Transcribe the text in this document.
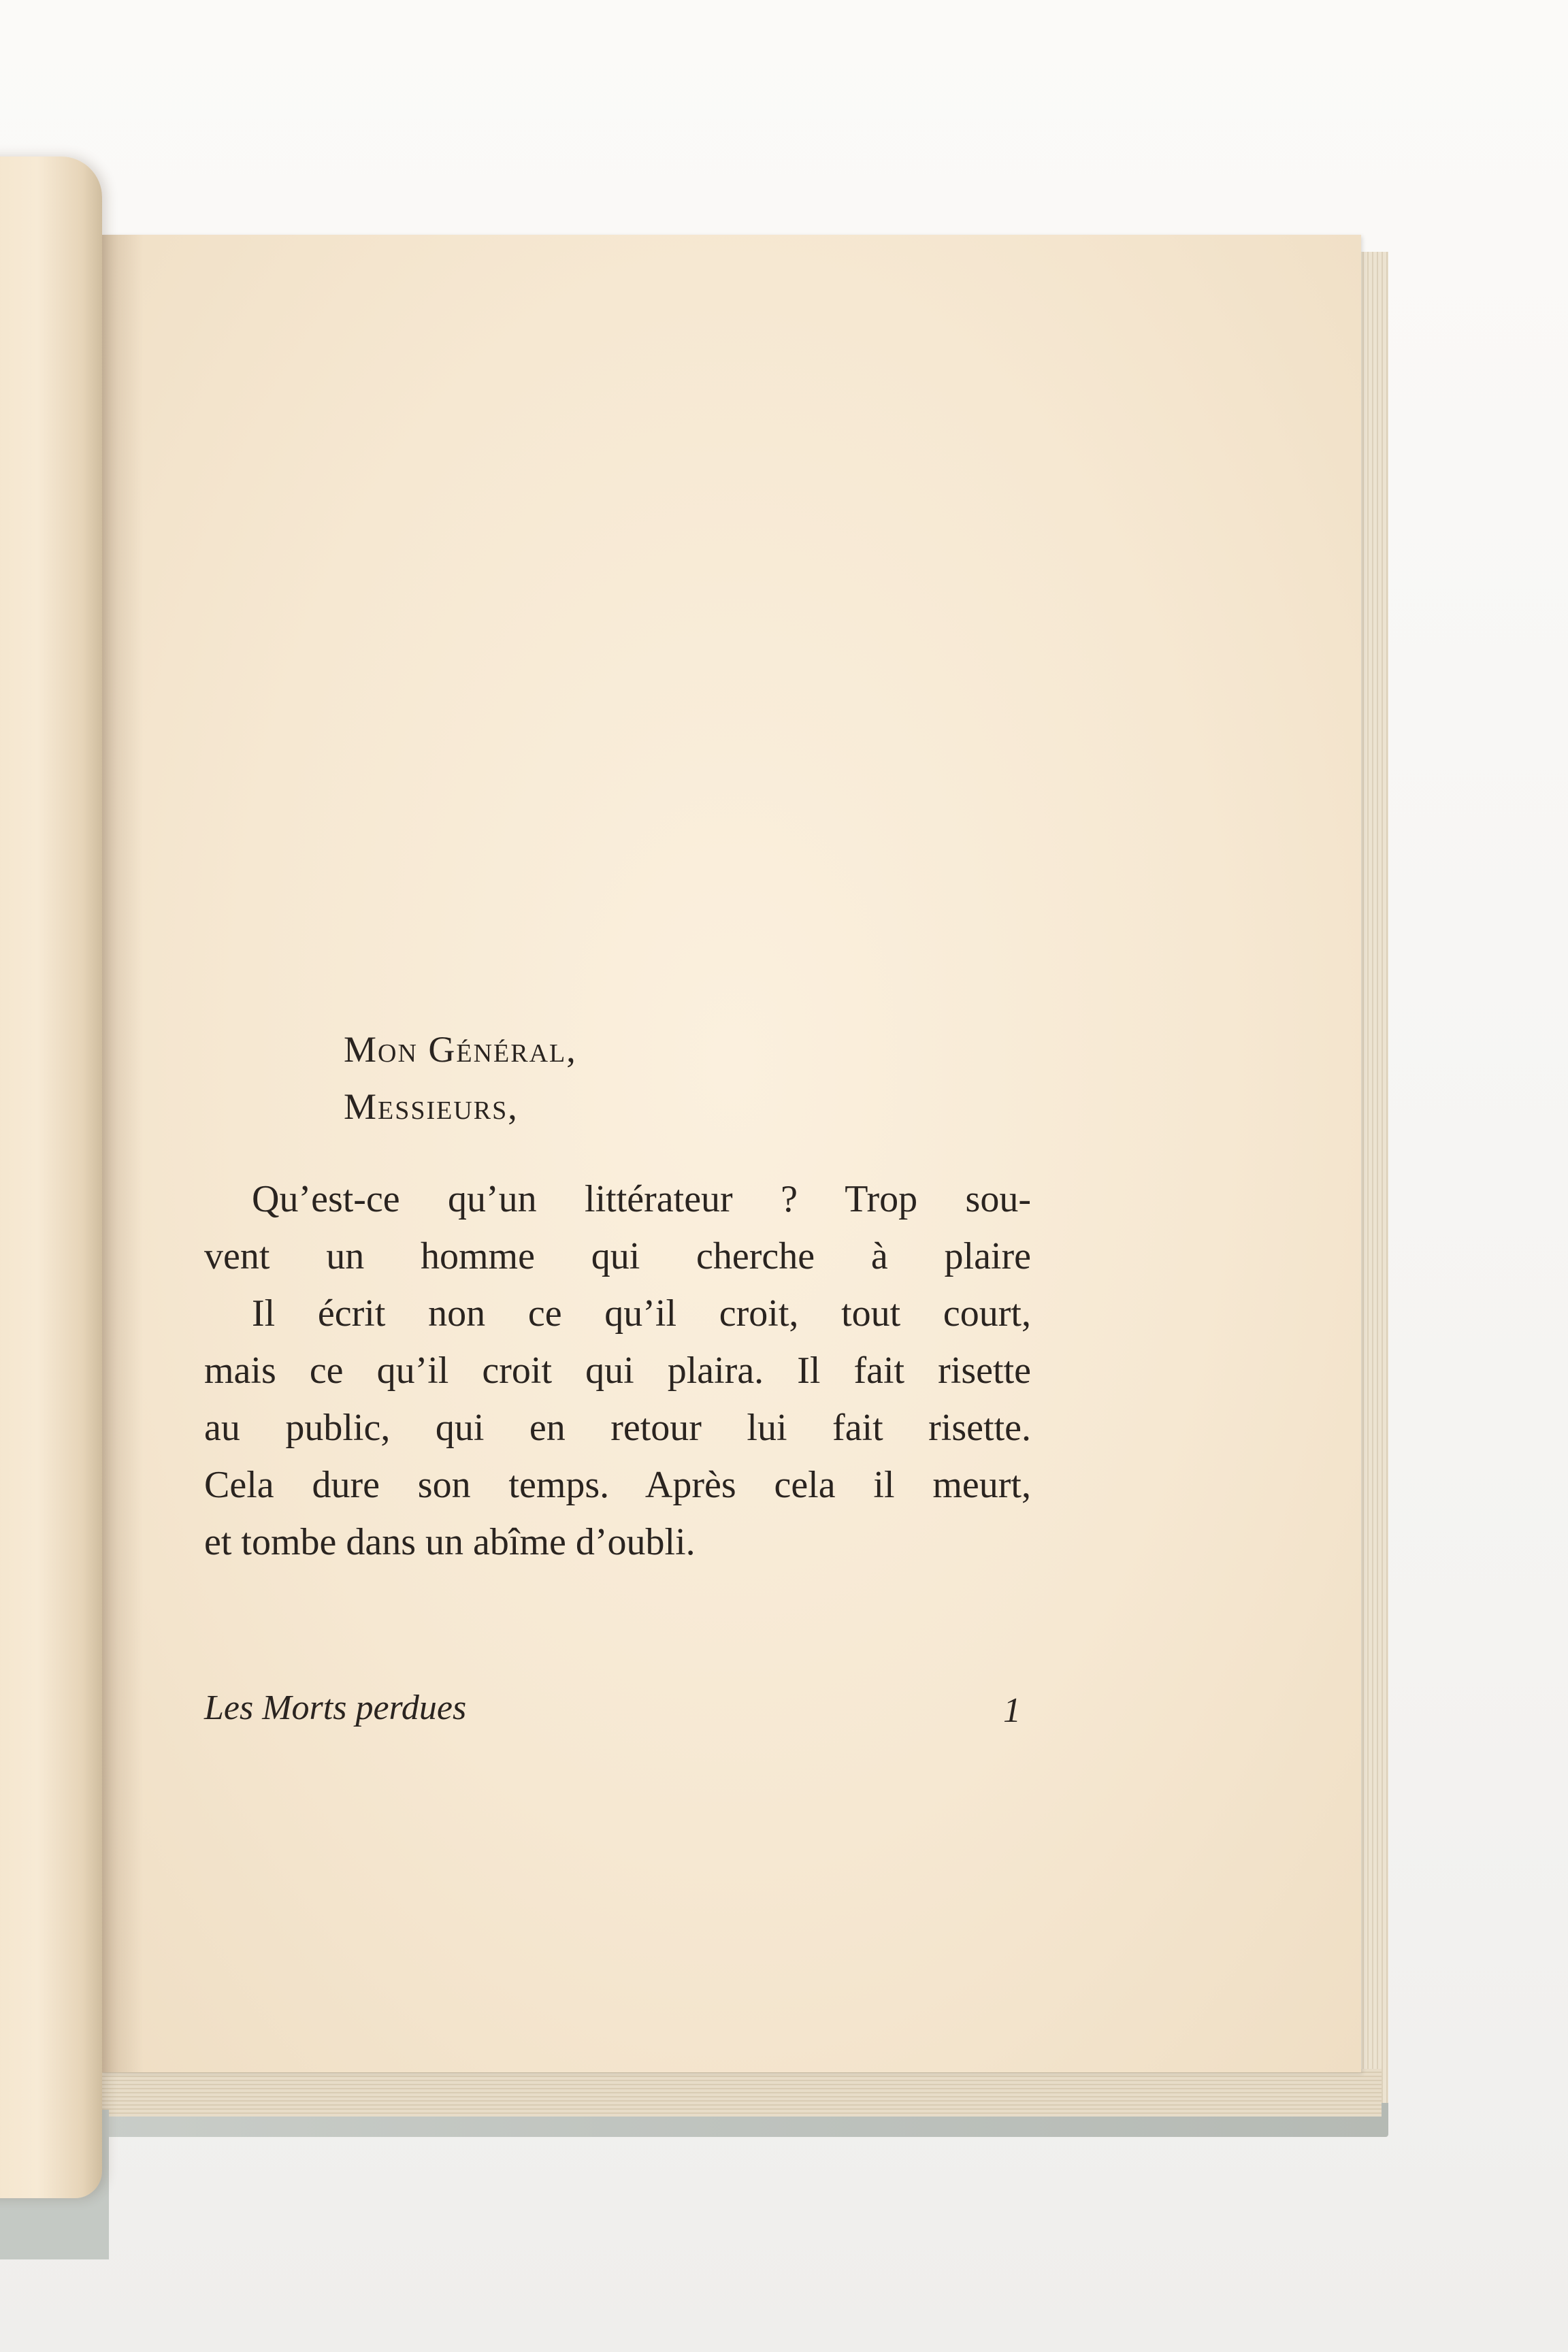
Mon Général,
Messieurs,
Qu’est-ce qu’un littérateur ? Trop sou-
vent un homme qui cherche à plaire
Il écrit non ce qu’il croit, tout court,
mais ce qu’il croit qui plaira. Il fait risette
au public, qui en retour lui fait risette.
Cela dure son temps. Après cela il meurt,
et tombe dans un abîme d’oubli.
Les Morts perdues	1
